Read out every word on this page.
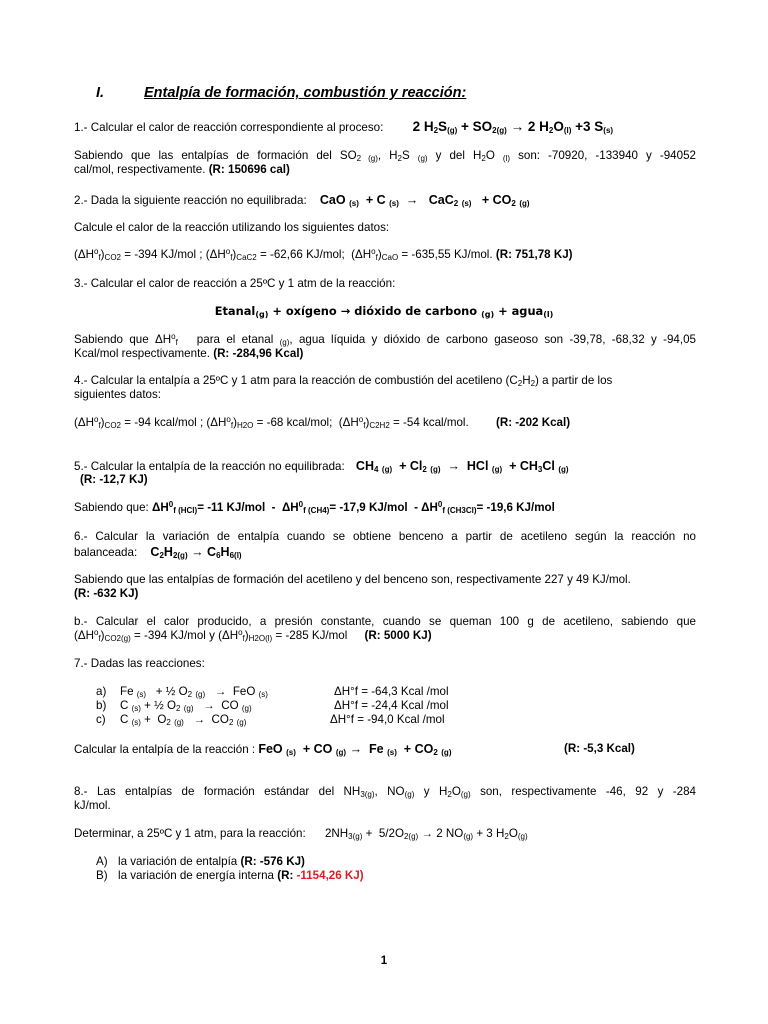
I.	Entalpía de formación, combustión y reacción:
1.- Calcular el calor de reacción correspondiente al proceso: 2 $H_2S_{(g)} + SO_{2(g)} \to 2$ $H_2O_{(l)} +3$ $S_{(s)}$
Sabiendo que las entalpías de formación del $SO_{2 (g)}$, $H_2S$ $_{(g)}$ y del $H_2O$ $_{(l)}$ son: -70920, -133940 y -94052
cal/mol, respectivamente. (R: 150696 cal)
2.- Dada la siguiente reacción no equilibrada: CaO $_{(s)}$  + C $_{(s)}$  →   CaC$_2$ $_{(s)} + CO_2$ $_{(g)}$
Calcule el calor de la reacción utilizando los siguientes datos:
$(\Delta H^o_f)_{CO2} = -394$ KJ/mol ; $(\Delta H^o_f)_{CaC2} = -62,66$ KJ/mol;  $(\Delta H^o_f)_{CaO} = -635,55$ KJ/mol. (R: 751,78 KJ)
3.- Calcular el calor de reacción a 25ºC y 1 atm de la reacción:
Etanal$_{(g)}$ + oxígeno → dióxido de carbono $_{(g)}$ + agua$_{(l)}$
Sabiendo que $\Delta H^o_f$ para el etanal $_{(g)}$, agua líquida y dióxido de carbono gaseoso son -39,78, -68,32 y -94,05
Kcal/mol respectivamente. (R: -284,96 Kcal)
4.- Calcular la entalpía a 25ºC y 1 atm para la reacción de combustión del acetileno $(C_2H_2)$ a partir de los
siguientes datos:
$(\Delta H^o_f)_{CO2} = -94$ kcal/mol ; $(\Delta H^o_f)_{H2O} = -68$ kcal/mol;  $(\Delta H^o_f)_{C2H2} = -54$ kcal/mol. (R: -202 Kcal)
5.- Calcular la entalpía de la reacción no equilibrada: $CH_4$ $_{(g)} + Cl_2$ $_{(g)}$  →  HCl $_{(g)} + CH_3Cl$ $_{(g)}$
(R: -12,7 KJ)
Sabiendo que: $\Delta H^0_{f (HCl)}= -11$ $KJ/mol - \Delta H^0_{f (CH4)}= -17,9$ $KJ/mol - \Delta H^0_{f (CH3Cl)}= -19,6$ KJ/mol
6.- Calcular la variación de entalpía cuando se obtiene benceno a partir de acetileno según la reacción no
balanceada: $C_2H_{2(g)} \to C_6H_{6(l)}$
Sabiendo que las entalpías de formación del acetileno y del benceno son, respectivamente 227 y 49 KJ/mol.
(R: -632 KJ)
b.- Calcular el calor producido, a presión constante, cuando se queman 100 g de acetileno, sabiendo que
$(\Delta H^o_f)_{CO2(g)} = -394$ KJ/mol y $(\Delta H^o_f)_{H2O(l)} = -285$ KJ/mol (R: 5000 KJ)
7.- Dadas las reacciones:
a) Fe $_{(s)}$   + ½ $O_2$ $_{(g)}$   →  FeO $_{(s)}$	ΔH°f = -64,3 Kcal /mol
b) C $_{(s)}$ + ½ $O_2$ $_{(g)}$   →  CO $_{(g)}$	ΔH°f = -24,4 Kcal /mol
c) C $_{(s)} + O_2$ $_{(g)} \to CO_2$ $_{(g)}$	ΔH°f = -94,0 Kcal /mol
Calcular la entalpía de la reacción : FeO $_{(s)}$  + CO $_{(g)}$ →  Fe $_{(s)} + CO_2$ $_{(g)}$	(R: -5,3 Kcal)
8.- Las entalpías de formación estándar del $NH_{3(g)}$, $NO_{(g)}$ y $H_2O_{(g)}$ son, respectivamente -46, 92 y -284
kJ/mol.
Determinar, a 25ºC y 1 atm, para la reacción: $2NH_{3(g)} + 5/2O_{2(g)} \to 2$ $NO_{(g)} + 3$ $H_2O_{(g)}$
A) la variación de entalpía (R: -576 KJ)
B) la variación de energía interna (R: -1154,26 KJ)
1
